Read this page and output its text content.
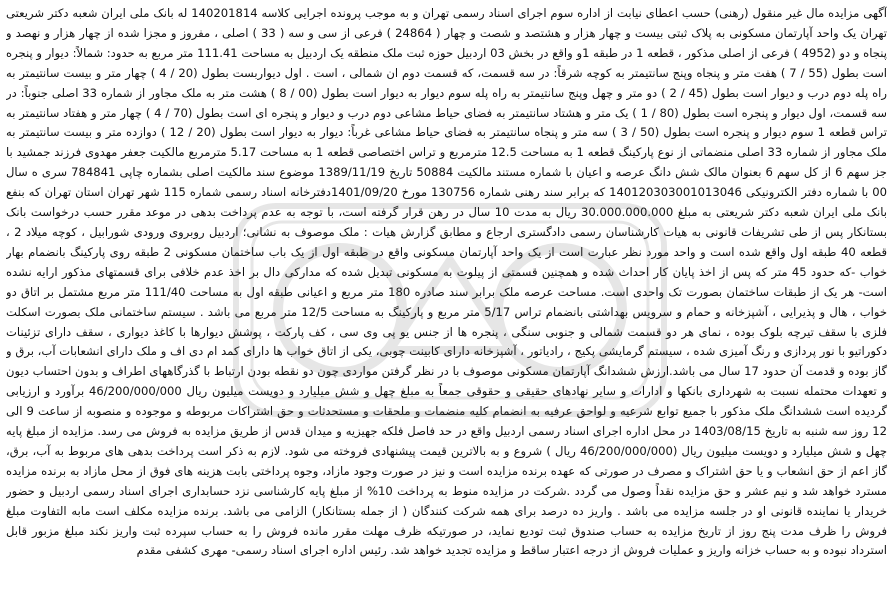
آگهی مزایده مال غیر منقول (رهنی) حسب اعطای نیابت از اداره سوم اجرای اسناد رسمی تهران و به موجب پرونده اجرایی کلاسه 140201814 له بانک ملی ایران شعبه دکتر شریعتی تهران یک واحد آپارتمان مسکونی به پلاک ثبتی بیست و چهار هزار و هشتصد و شصت و چهار ( 24864 ) فرعی از سی و سه ( 33 ) اصلی ، مفروز و مجزا شده از چهار هزار و نهصد و پنجاه و دو (4952 ) فرعی از اصلی مذکور ، قطعه 1 در طبقه 1و واقع در بخش 03 اردبیل حوزه ثبت ملک منطقه یک اردبیل به مساحت 111.41 متر مربع به حدود: شمالاً: دیوار و پنجره است بطول (55 / 7 ) هفت متر و پنجاه وپنج سانتیمتر به کوچه شرقاً: در سه قسمت، که قسمت دوم ان شمالی ، است . اول دیواربست بطول (20 / 4 ) چهار متر و بیست سانتیمتر به راه پله دوم درب و دیوار است بطول (45 / 2 ) دو متر و چهل وپنج سانتیمتر به راه پله سوم دیوار به دیوار است بطول (00 / 8 ) هشت متر به ملک مجاور از شماره 33 اصلی جنوباً: در سه قسمت، اول دیوار و پنجره است بطول (80 / 1 ) یک متر و هشتاد سانتیمتر به فضای حیاط مشاعی دوم درب و دیوار و پنجره ای است بطول (70 / 4 ) چهار متر و هفتاد سانتیمتر به تراس قطعه 1 سوم دیوار و پنجره است بطول (50 / 3 ) سه متر و پنجاه سانتیمتر به فضای حیاط مشاعی غرباً: دیوار به دیوار است بطول (20 / 12 ) دوازده متر و بیست سانتیمتر به ملک مجاور از شماره 33 اصلی منضماتی از نوع پارکینگ قطعه 1 به مساحت 12.5 مترمربع و تراس اختصاصی قطعه 1 به مساحت 5.17 مترمربع مالکیت جعفر مهدوی فرزند جمشید با جز سهم 6 از کل سهم 6 بعنوان مالک شش دانگ عرصه و اعیان با شماره مستند مالکیت 50884 تاریخ 1389/11/19 موضوع سند مالکیت اصلی بشماره چاپی 784841 سری ه سال 00 با شماره دفتر الکترونیکی 140120303001013046 که برابر سند رهنی شماره 130756 مورخ 1401/09/20دفترخانه اسناد رسمی شماره 115 شهر تهران استان تهران که بنفع بانک ملی ایران شعبه دکتر شریعتی به مبلغ 30.000.000.000 ریال به مدت 10 سال در رهن قرار گرفته است، با توجه به عدم پرداخت بدهی در موعد مقرر حسب درخواست بانک بستانکار پس از طی تشریفات قانونی به هیات کارشناسان رسمی دادگستری ارجاع و مطابق گزارش هیات : ملک موصوف به نشانی؛ اردبیل روبروی ورودی شورابیل ، کوچه میلاد 2 ، قطعه 40 طبقه اول واقع شده است و واحد مورد نظر عبارت است از یک واحد آپارتمان مسکونی واقع در طبقه اول از یک باب ساختمان مسکونی 2 طبقه روی پارکینگ بانضمام بهار خواب -که حدود 45 متر که پس از اخذ پایان کار احداث شده و همچنین قسمتی از پیلوت به مسکونی تبدیل شده که مدارکی دال بر اخذ عدم خلافی برای قسمتهای مذکور ارایه نشده است- هر یک از طبقات ساختمان بصورت تک واحدی است. مساحت عرصه ملک برابر سند صادره 180 متر مربع و اعیانی طبقه اول به مساحت 111/40 متر مربع مشتمل بر اتاق دو خواب ، هال و پذیرایی ، آشپزخانه و حمام و سرویس بهداشتی بانضمام تراس 5/17 متر مربع و پارکینگ به مساحت 12/5 متر مربع می باشد . سیستم ساختمانی ملک بصورت اسکلت فلزی با سقف تیرچه بلوک بوده ، نمای هر دو قسمت شمالی و جنوبی سنگی ، پنجره ها از جنس یو پی وی سی ، کف پارکت ، پوشش دیوارها با کاغذ دیواری ، سقف دارای تزئینات دکوراتیو با نور پردازی و رنگ آمیزی شده ، سیستم گرمایشی پکیج ، رادیاتور ، آشپزخانه دارای کابینت چوبی، یکی از اتاق خواب ها دارای کمد ام دی اف و ملک دارای انشعابات آب، برق و گاز بوده و قدمت آن حدود 17 سال می باشد.ارزش ششدانگ آپارتمان مسکونی موصوف با در نظر گرفتن مواردی چون دو نقطه بودن ارتباط با گذرگاههای اطراف و بدون احتساب دیون و تعهدات محتمله نسبت به شهرداری بانکها و ادارات و سایر نهادهای حقیقی و حقوقی جمعاً به مبلغ چهل و شش میلیارد و دویست میلیون ریال 46/200/000/000 برآورد و ارزیابی گردیده است ششدانگ ملک مذکور با جمیع توابع شرعیه و لواحق عرفیه به انضمام کلیه منضمات و ملحقات و مستحدثات و حق اشتراکات مربوطه و موجوده و منصوبه از ساعت 9 الی 12 روز سه شنبه به تاریخ 1403/08/15 در محل اداره اجرای اسناد رسمی اردبیل واقع در حد فاصل فلکه جهیزیه و میدان قدس از طریق مزایده به فروش می رسد. مزایده از مبلغ پایه چهل و شش میلیارد و دویست میلیون ریال (46/200/000/000 ریال ) شروع و به بالاترین قیمت پیشنهادی فروخته می شود. لازم به ذکر است پرداخت بدهی های مربوط به آب، برق، گاز اعم از حق انشعاب و یا حق اشتراک و مصرف در صورتی که عهده برنده مزایده است و نیز در صورت وجود مازاد، وجوه پرداختی بابت هزینه های فوق از محل مازاد به برنده مزایده مسترد خواهد شد و نیم عشر و حق مزایده نقداً وصول می گردد .شرکت در مزایده منوط به پرداخت 10% از مبلغ پایه کارشناسی نزد حسابداری اجرای اسناد رسمی اردبیل و حضور خریدار یا نماینده قانونی او در جلسه مزایده می باشد . واریز ده درصد برای همه شرکت کنندگان ( از جمله بستانکار) الزامی می باشد. برنده مزایده مکلف است مابه التفاوت مبلغ فروش را ظرف مدت پنج روز از تاریخ مزایده به حساب صندوق ثبت تودیع نماید، در صورتیکه ظرف مهلت مقرر مانده فروش را به حساب سپرده ثبت واریز نکند مبلغ مزبور قابل استرداد نبوده و به حساب خزانه واریز و عملیات فروش از درجه اعتبار ساقط و مزایده تجدید خواهد شد. رئیس اداره اجرای اسناد رسمی- مهری کشفی مقدم
